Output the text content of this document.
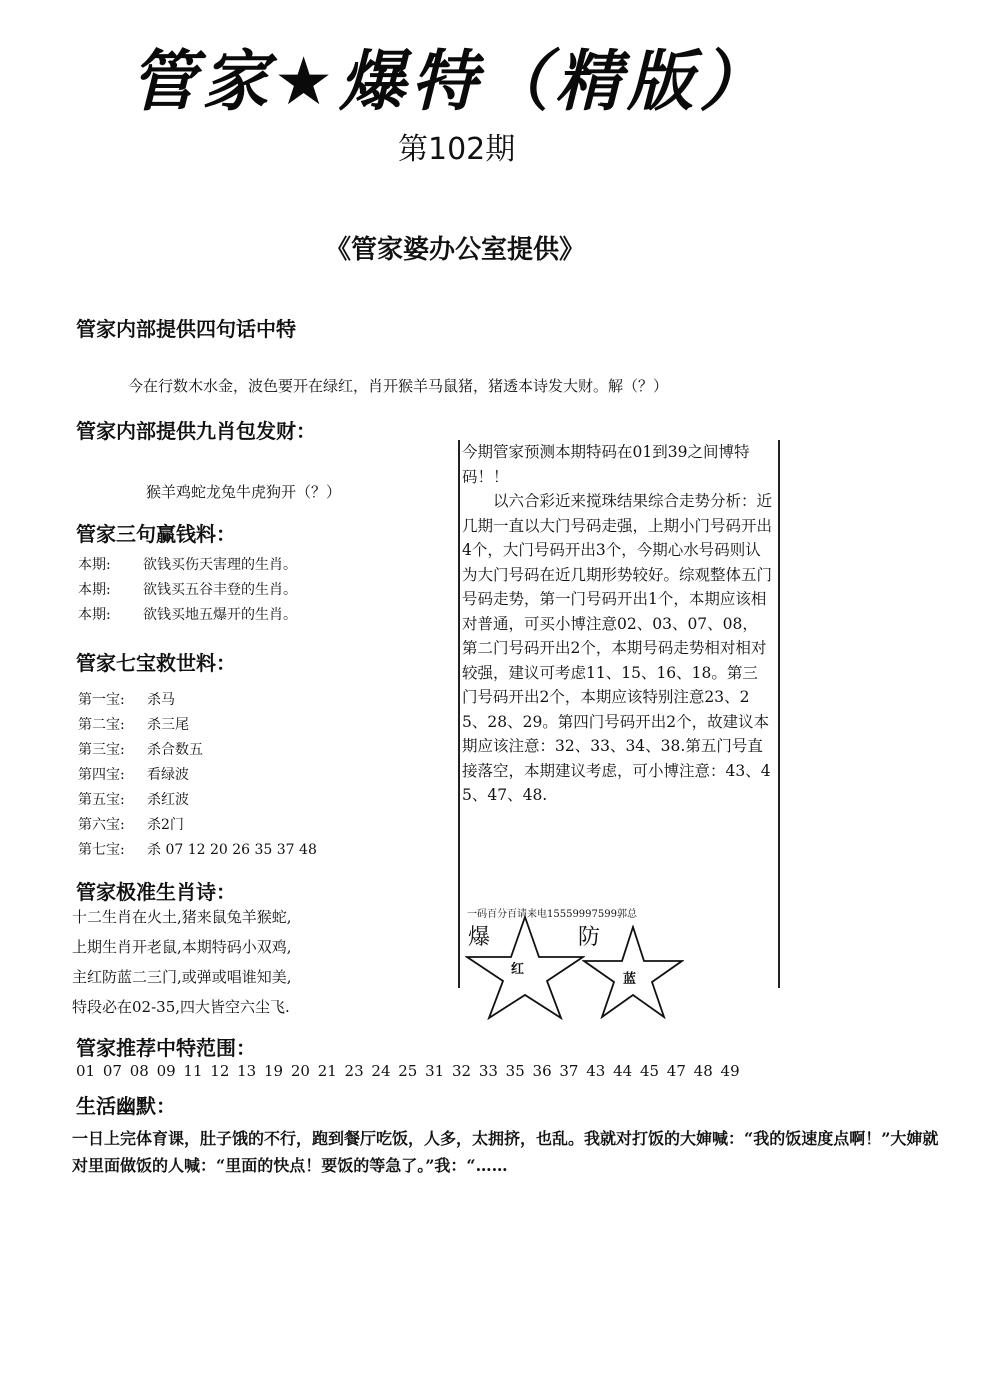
管家★爆特（精版）
第102期
《管家婆办公室提供》
管家内部提供四句话中特
今在行数木水金，波色要开在绿红，肖开猴羊马鼠猪，猪透本诗发大财。解（？）
管家内部提供九肖包发财：
猴羊鸡蛇龙兔牛虎狗开（？）
管家三句赢钱料：
本期: 欲钱买伤天害理的生肖。
本期: 欲钱买五谷丰登的生肖。
本期: 欲钱买地五爆开的生肖。
管家七宝救世料：
第一宝: 杀马
第二宝: 杀三尾
第三宝: 杀合数五
第四宝: 看绿波
第五宝: 杀红波
第六宝: 杀2门
第七宝: 杀 07 12 20 26 35 37 48
管家极准生肖诗：
十二生肖在火土,猪来鼠兔羊猴蛇,
上期生肖开老鼠,本期特码小双鸡,
主红防蓝二三门,或弹或唱谁知美,
特段必在02-35,四大皆空六尘飞.

今期管家预测本期特码在01到39之间博特码！！

以六合彩近来搅珠结果综合走势分析：近几期一直以大门号码走强，上期小门号码开出4个，大门号码开出3个，今期心水号码则认为大门号码在近几期形势较好。综观整体五门号码走势，第一门号码开出1个，本期应该相对普通，可买小博注意02、03、07、08，第二门号码开出2个，本期号码走势相对相对较强，建议可考虑11、15、16、18。第三门号码开出2个，本期应该特别注意23、25、28、29。第四门号码开出2个，故建议本期应该注意：32、33、34、38.第五门号直接落空，本期建议考虑，可小博注意：43、45、47、48.

一码百分百请来电15559997599郭总
爆
红
防
蓝
管家推荐中特范围：
01 07 08 09 11 12 13 19 20 21 23 24 25 31 32 33 35 36 37 43 44 45 47 48 49
生活幽默：
一日上完体育课，肚子饿的不行，跑到餐厅吃饭，人多，太拥挤，也乱。我就对打饭的大婶喊：“我的饭速度点啊！”大婶就对里面做饭的人喊：“里面的快点！要饭的等急了。”我：“……
